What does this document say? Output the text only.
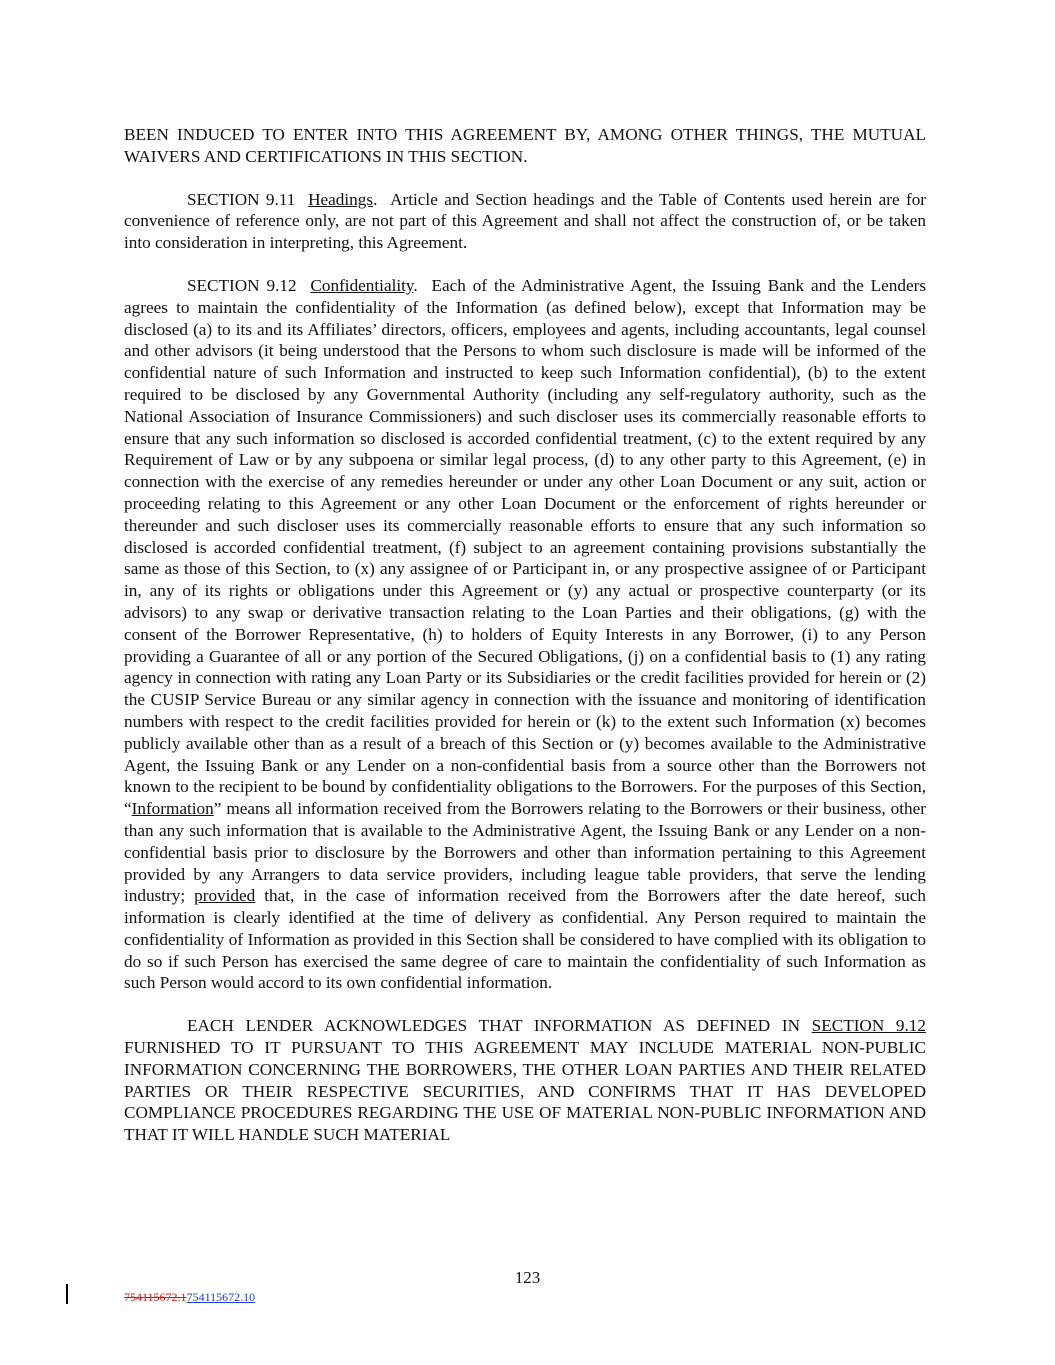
BEEN INDUCED TO ENTER INTO THIS AGREEMENT BY, AMONG OTHER THINGS, THE MUTUAL WAIVERS AND CERTIFICATIONS IN THIS SECTION.

SECTION 9.11 Headings.  Article and Section headings and the Table of Contents used herein are for convenience of reference only, are not part of this Agreement and shall not affect the construction of, or be taken into consideration in interpreting, this Agreement.

SECTION 9.12 Confidentiality.  Each of the Administrative Agent, the Issuing Bank and the Lenders agrees to maintain the confidentiality of the Information (as defined below), except that Information may be disclosed (a) to its and its Affiliates’ directors, officers, employees and agents, including accountants, legal counsel and other advisors (it being understood that the Persons to whom such disclosure is made will be informed of the confidential nature of such Information and instructed to keep such Information confidential), (b) to the extent required to be disclosed by any Governmental Authority (including any self-regulatory authority, such as the National Association of Insurance Commissioners) and such discloser uses its commercially reasonable efforts to ensure that any such information so disclosed is accorded confidential treatment, (c) to the extent required by any Requirement of Law or by any subpoena or similar legal process, (d) to any other party to this Agreement, (e) in connection with the exercise of any remedies hereunder or under any other Loan Document or any suit, action or proceeding relating to this Agreement or any other Loan Document or the enforcement of rights hereunder or thereunder and such discloser uses its commercially reasonable efforts to ensure that any such information so disclosed is accorded confidential treatment, (f) subject to an agreement containing provisions substantially the same as those of this Section, to (x) any assignee of or Participant in, or any prospective assignee of or Participant in, any of its rights or obligations under this Agreement or (y) any actual or prospective counterparty (or its advisors) to any swap or derivative transaction relating to the Loan Parties and their obligations, (g) with the consent of the Borrower Representative, (h) to holders of Equity Interests in any Borrower, (i) to any Person providing a Guarantee of all or any portion of the Secured Obligations, (j) on a confidential basis to (1) any rating agency in connection with rating any Loan Party or its Subsidiaries or the credit facilities provided for herein or (2) the CUSIP Service Bureau or any similar agency in connection with the issuance and monitoring of identification numbers with respect to the credit facilities provided for herein or (k) to the extent such Information (x) becomes publicly available other than as a result of a breach of this Section or (y) becomes available to the Administrative Agent, the Issuing Bank or any Lender on a non-confidential basis from a source other than the Borrowers not known to the recipient to be bound by confidentiality obligations to the Borrowers. For the purposes of this Section, “Information” means all information received from the Borrowers relating to the Borrowers or their business, other than any such information that is available to the Administrative Agent, the Issuing Bank or any Lender on a non-confidential basis prior to disclosure by the Borrowers and other than information pertaining to this Agreement provided by any Arrangers to data service providers, including league table providers, that serve the lending industry; provided that, in the case of information received from the Borrowers after the date hereof, such information is clearly identified at the time of delivery as confidential. Any Person required to maintain the confidentiality of Information as provided in this Section shall be considered to have complied with its obligation to do so if such Person has exercised the same degree of care to maintain the confidentiality of such Information as such Person would accord to its own confidential information.

EACH LENDER ACKNOWLEDGES THAT INFORMATION AS DEFINED IN SECTION 9.12 FURNISHED TO IT PURSUANT TO THIS AGREEMENT MAY INCLUDE MATERIAL NON-PUBLIC INFORMATION CONCERNING THE BORROWERS, THE OTHER LOAN PARTIES AND THEIR RELATED PARTIES OR THEIR RESPECTIVE SECURITIES, AND CONFIRMS THAT IT HAS DEVELOPED COMPLIANCE PROCEDURES REGARDING THE USE OF MATERIAL NON-PUBLIC INFORMATION AND THAT IT WILL HANDLE SUCH MATERIAL

123
754115672.1754115672.10
